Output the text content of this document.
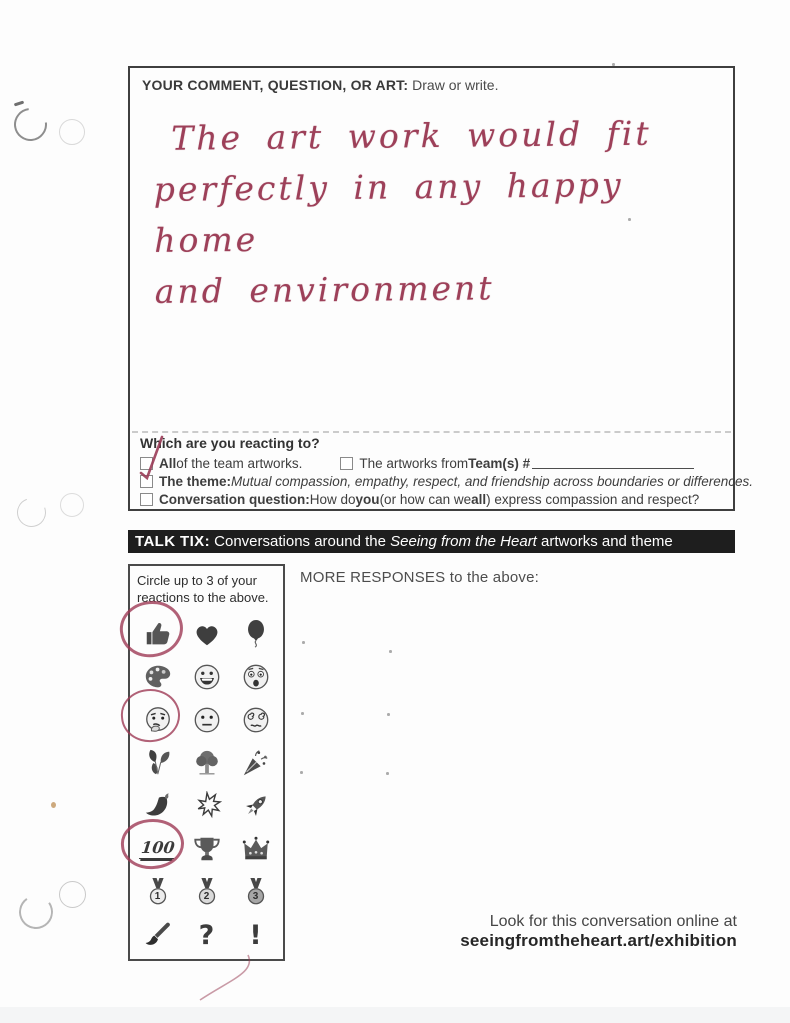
YOUR COMMENT, QUESTION, OR ART: Draw or write.
The art work would fit
perfectly in any happy home
and environment
Which are you reacting to?
All of the team artworks.	The artworks from Team(s) #
The theme: Mutual compassion, empathy, respect, and friendship across boundaries or differences.
Conversation question: How do you (or how can we all ) express compassion and respect?
TALK TIX: Conversations around the Seeing from the Heart artworks and theme
Circle up to 3 of your reactions to the above.
100
1	2	3
? !
MORE RESPONSES to the above:
Look for this conversation online at
seeingfromtheheart.art/exhibition
